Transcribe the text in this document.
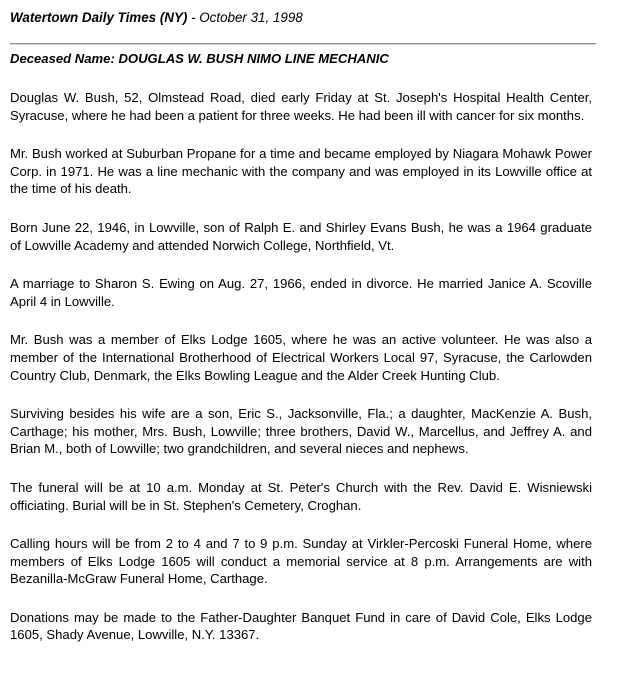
Watertown Daily Times (NY) - October 31, 1998

Deceased Name: DOUGLAS W. BUSH NIMO LINE MECHANIC

Douglas W. Bush, 52, Olmstead Road, died early Friday at St. Joseph's Hospital Health Center, Syracuse, where he had been a patient for three weeks. He had been ill with cancer for six months.

Mr. Bush worked at Suburban Propane for a time and became employed by Niagara Mohawk Power Corp. in 1971. He was a line mechanic with the company and was employed in its Lowville office at the time of his death.

Born June 22, 1946, in Lowville, son of Ralph E. and Shirley Evans Bush, he was a 1964 graduate of Lowville Academy and attended Norwich College, Northfield, Vt.

A marriage to Sharon S. Ewing on Aug. 27, 1966, ended in divorce. He married Janice A. Scoville April 4 in Lowville.

Mr. Bush was a member of Elks Lodge 1605, where he was an active volunteer. He was also a member of the International Brotherhood of Electrical Workers Local 97, Syracuse, the Carlowden Country Club, Denmark, the Elks Bowling League and the Alder Creek Hunting Club.

Surviving besides his wife are a son, Eric S., Jacksonville, Fla.; a daughter, MacKenzie A. Bush, Carthage; his mother, Mrs. Bush, Lowville; three brothers, David W., Marcellus, and Jeffrey A. and Brian M., both of Lowville; two grandchildren, and several nieces and nephews.

The funeral will be at 10 a.m. Monday at St. Peter's Church with the Rev. David E. Wisniewski officiating. Burial will be in St. Stephen's Cemetery, Croghan.

Calling hours will be from 2 to 4 and 7 to 9 p.m. Sunday at Virkler-Percoski Funeral Home, where members of Elks Lodge 1605 will conduct a memorial service at 8 p.m. Arrangements are with Bezanilla-McGraw Funeral Home, Carthage.

Donations may be made to the Father-Daughter Banquet Fund in care of David Cole, Elks Lodge 1605, Shady Avenue, Lowville, N.Y. 13367.
